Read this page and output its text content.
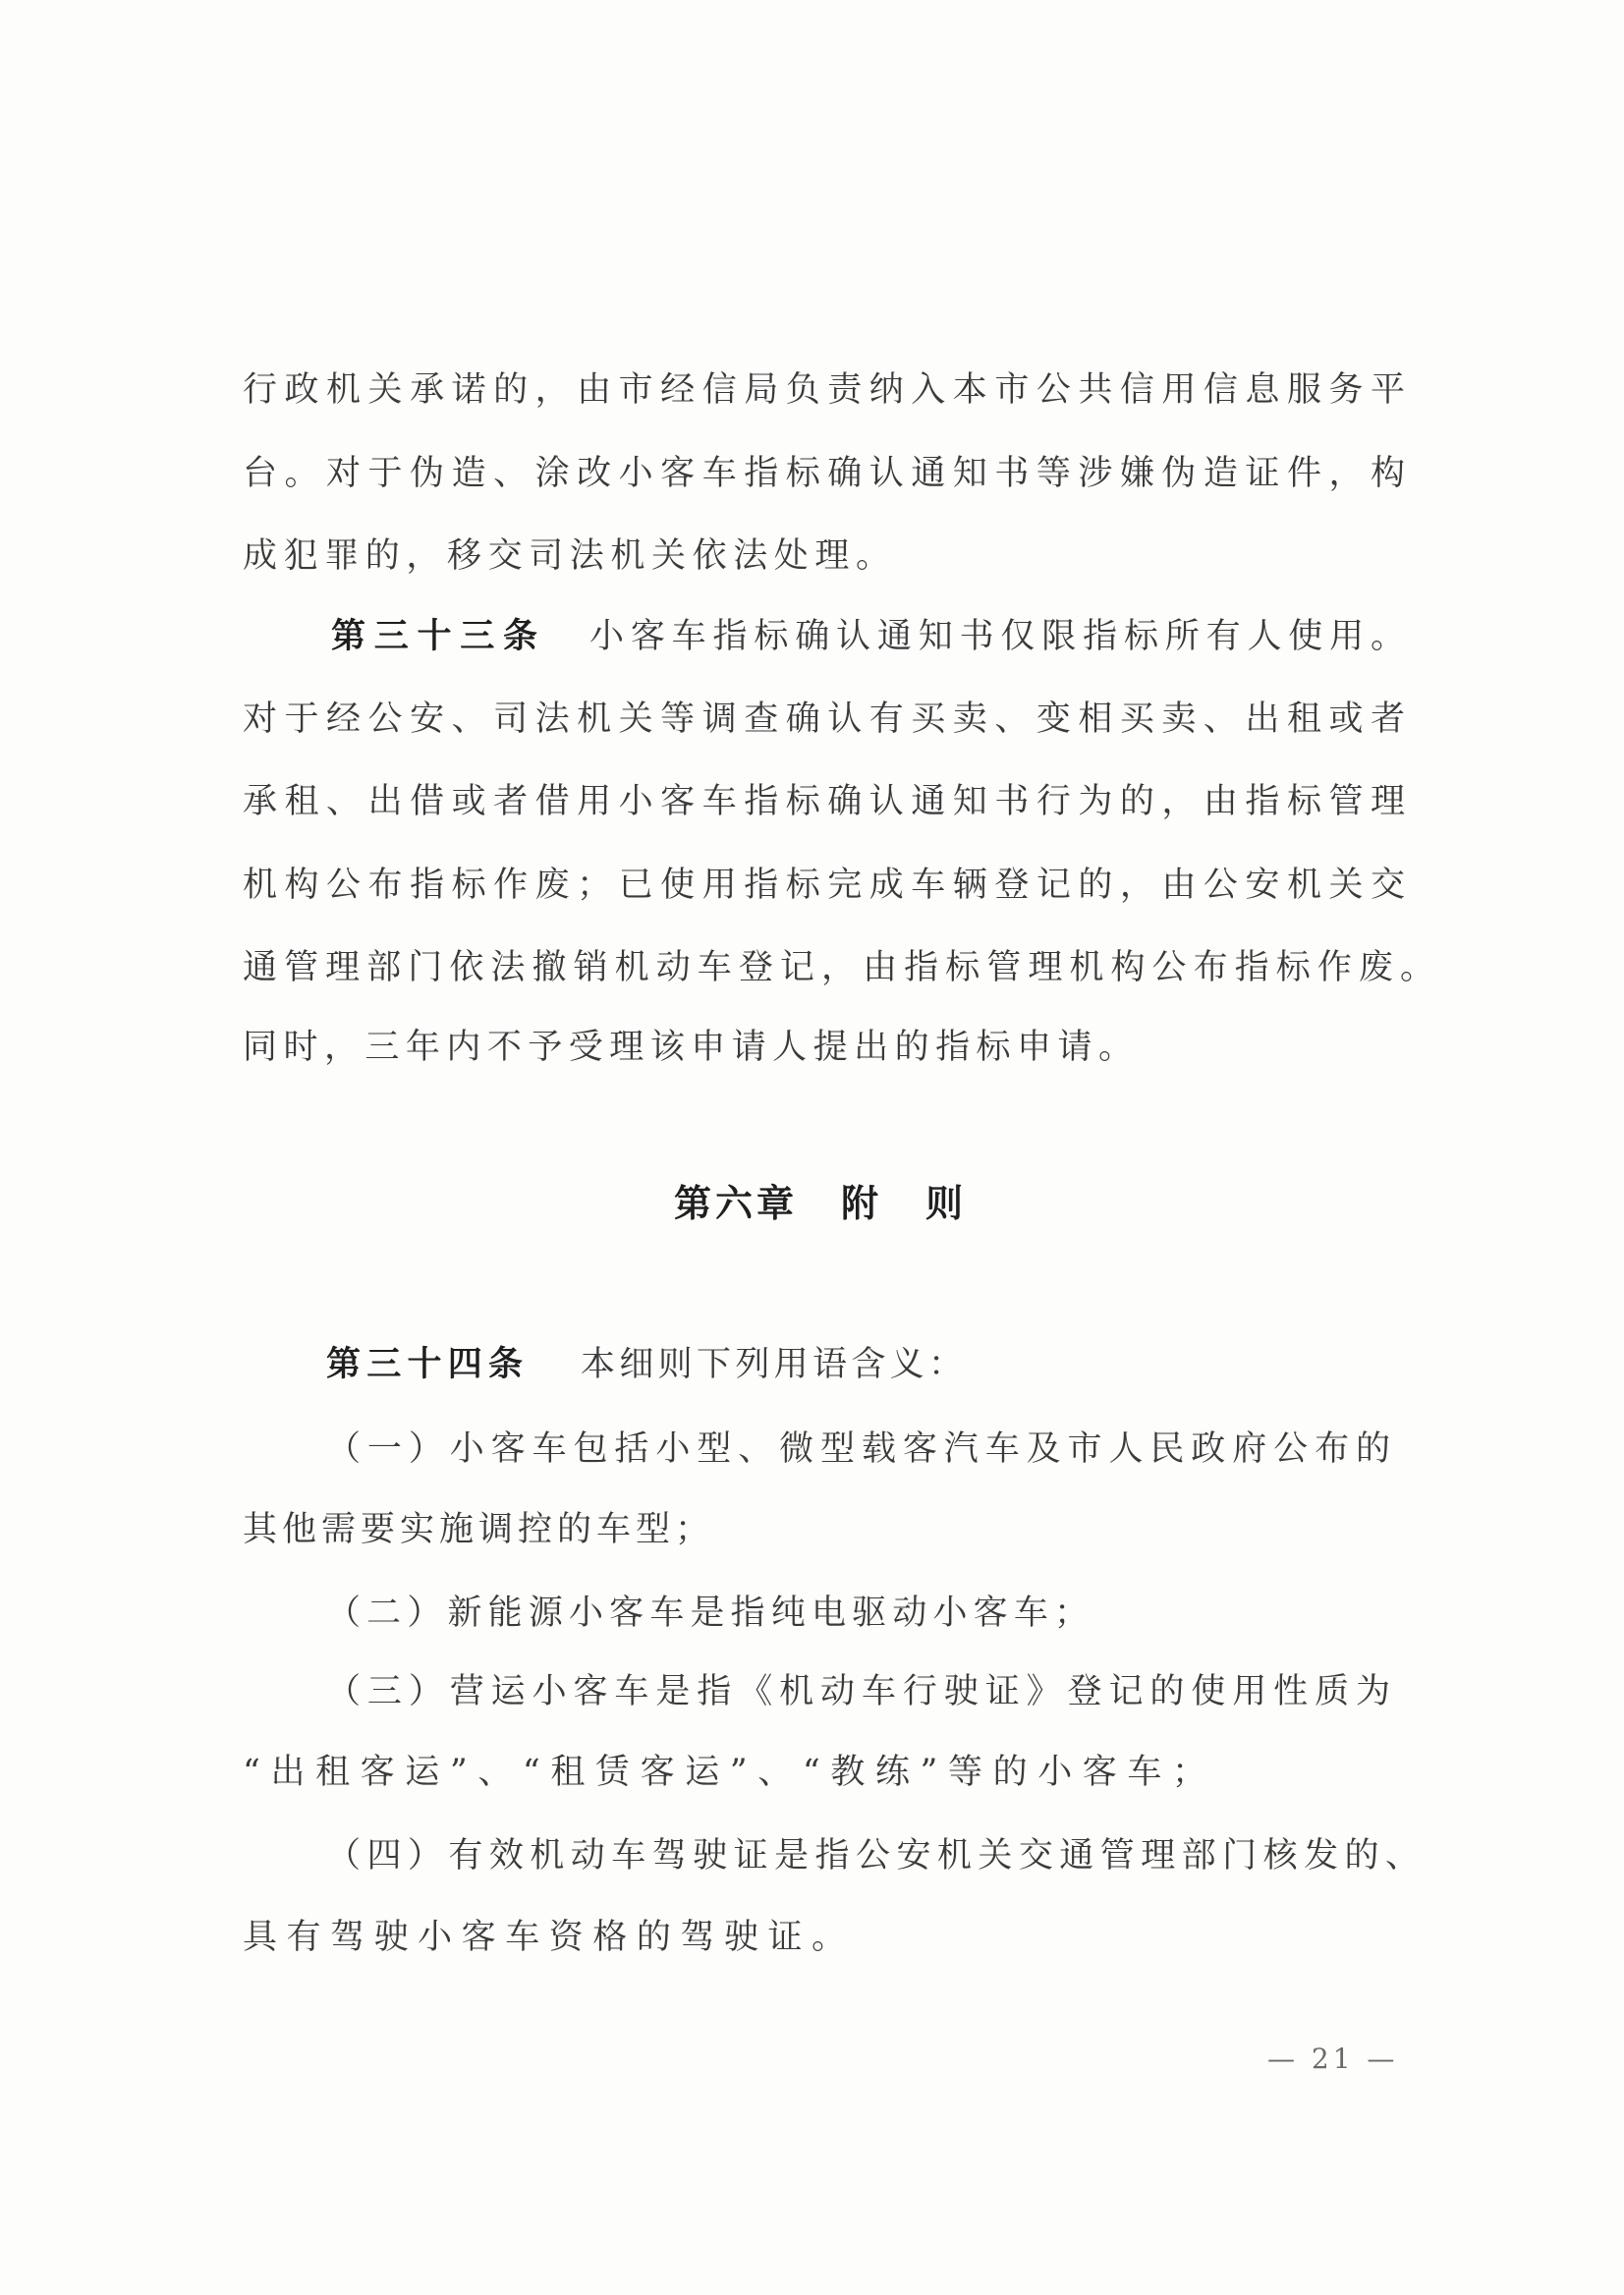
行政机关承诺的，由市经信局负责纳入本市公共信用信息服务平
台。对于伪造、涂改小客车指标确认通知书等涉嫌伪造证件，构
成犯罪的，移交司法机关依法处理。
第三十三条 小客车指标确认通知书仅限指标所有人使用。
对于经公安、司法机关等调查确认有买卖、变相买卖、出租或者
承租、出借或者借用小客车指标确认通知书行为的，由指标管理
机构公布指标作废；已使用指标完成车辆登记的，由公安机关交
通管理部门依法撤销机动车登记，由指标管理机构公布指标作废。
同时，三年内不予受理该申请人提出的指标申请。
第六章 附　则
第三十四条 本细则下列用语含义：
（一）小客车包括小型、微型载客汽车及市人民政府公布的
其他需要实施调控的车型；
（二）新能源小客车是指纯电驱动小客车；
（三）营运小客车是指《机动车行驶证》登记的使用性质为
“出租客运”、“租赁客运”、“教练”等的小客车；
（四）有效机动车驾驶证是指公安机关交通管理部门核发的、
具有驾驶小客车资格的驾驶证。
— 21 —
